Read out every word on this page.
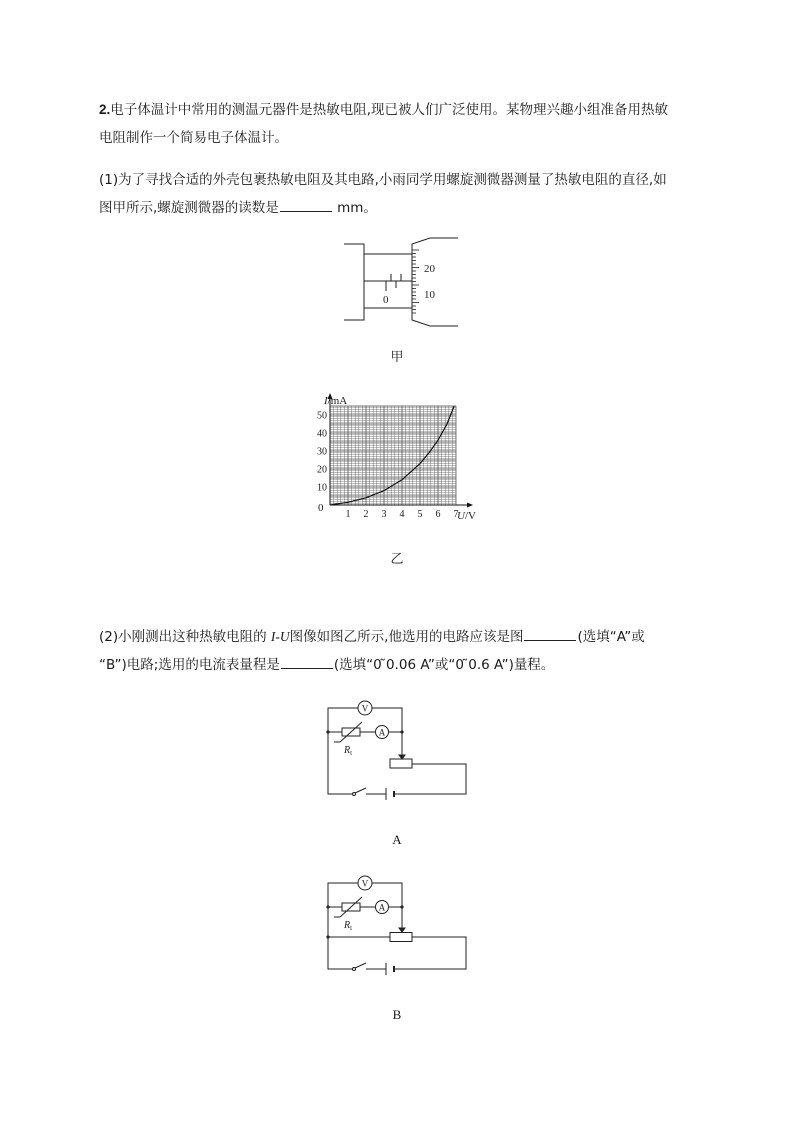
2.电子体温计中常用的测温元器件是热敏电阻,现已被人们广泛使用。某物理兴趣小组准备用热敏
电阻制作一个简易电子体温计。

(1)为了寻找合适的外壳包裹热敏电阻及其电路,小雨同学用螺旋测微器测量了热敏电阻的直径,如
图甲所示,螺旋测微器的读数是	mm。

0
20
10
甲
1 2 3 4 5 6 7
10
20
30
40
50
0
I/mA
U/V
乙

(2)小刚测出这种热敏电阻的 I-U图像如图乙所示,他选用的电路应该是图	(选填“A”或
“B”)电路;选用的电流表量程是	(选填“0 ̃0.06 A”或“0 ̃0.6 A”)量程。

V
A
$R_t$
A
V
A
$R_t$
B
